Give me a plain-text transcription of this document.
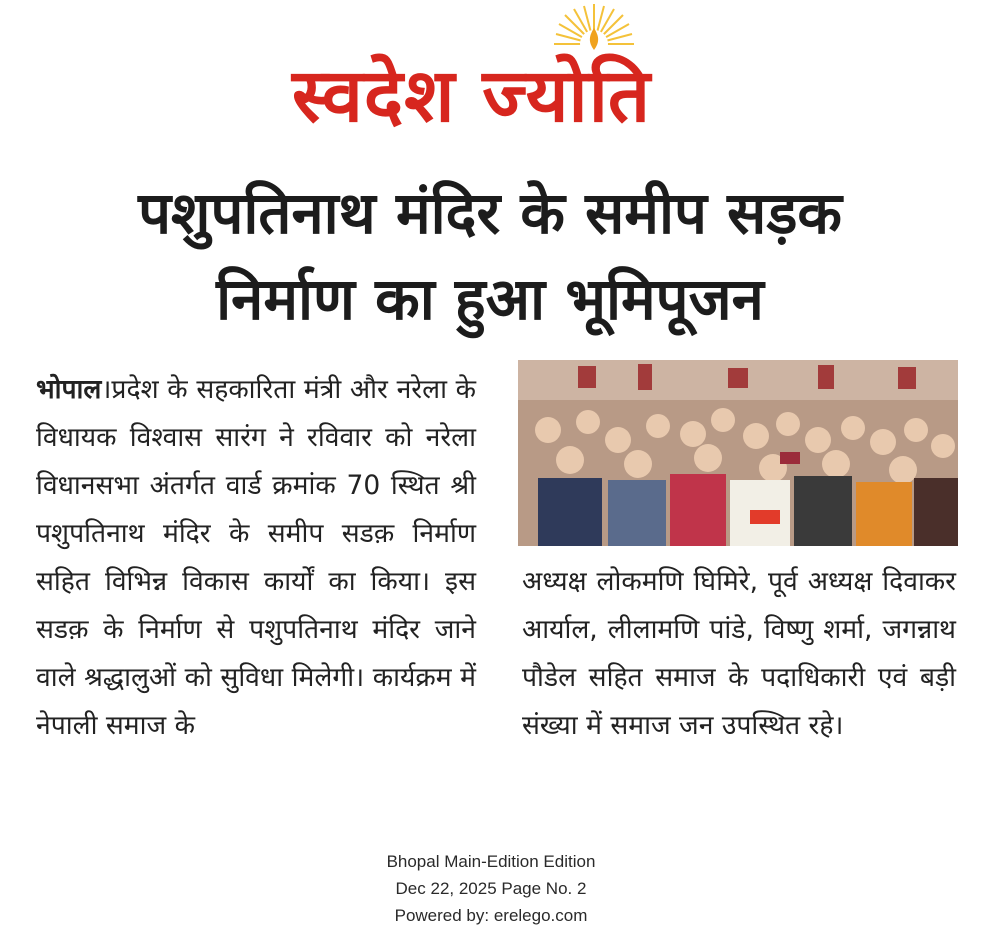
स्वदेश ज्योति
पशुपतिनाथ मंदिर के समीप सड़क
निर्माण का हुआ भूमिपूजन
भोपाल।प्रदेश के सहकारिता मंत्री और नरेला के विधायक विश्वास सारंग ने रविवार को नरेला विधानसभा अंतर्गत वार्ड क्रमांक 70 स्थित श्री पशुपतिनाथ मंदिर के समीप सडक़ निर्माण सहित विभिन्न विकास कार्यों का किया। इस सडक़ के निर्माण से पशुपतिनाथ मंदिर जाने वाले श्रद्धालुओं को सुविधा मिलेगी। कार्यक्रम में नेपाली समाज के
अध्यक्ष लोकमणि घिमिरे, पूर्व अध्यक्ष दिवाकर आर्याल, लीलामणि पांडे, विष्णु शर्मा, जगन्नाथ पौडेल सहित समाज के पदाधिकारी एवं बड़ी संख्या में समाज जन उपस्थित रहे।
Bhopal Main-Edition Edition
Dec 22, 2025 Page No. 2
Powered by: erelego.com
